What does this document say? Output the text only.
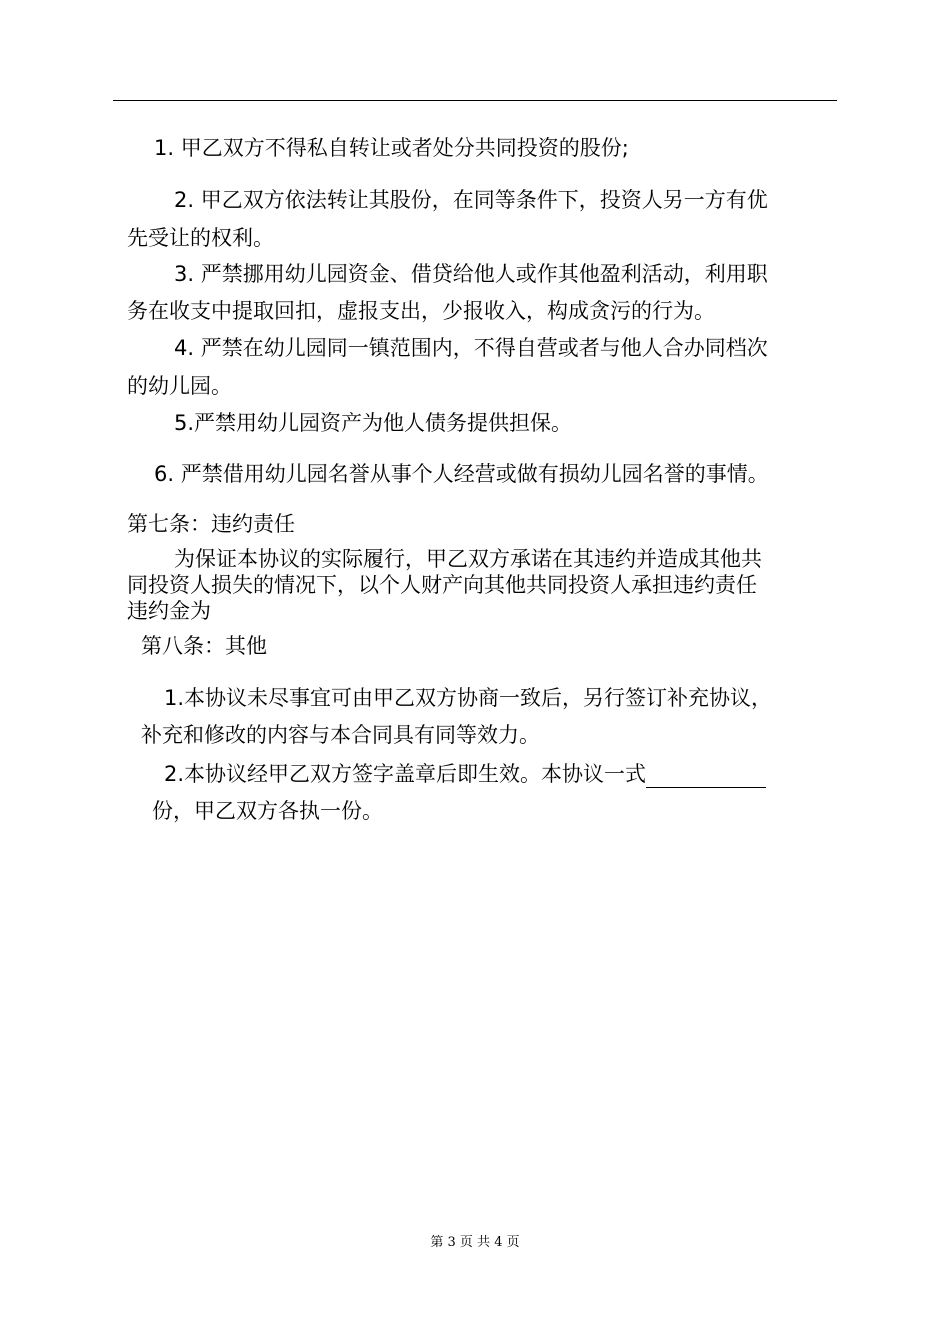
1. 甲乙双方不得私自转让或者处分共同投资的股份;
2. 甲乙双方依法转让其股份，在同等条件下，投资人另一方有优
先受让的权利。
3. 严禁挪用幼儿园资金、借贷给他人或作其他盈利活动，利用职
务在收支中提取回扣，虚报支出，少报收入，构成贪污的行为。
4. 严禁在幼儿园同一镇范围内，不得自营或者与他人合办同档次
的幼儿园。
5.严禁用幼儿园资产为他人债务提供担保。
6. 严禁借用幼儿园名誉从事个人经营或做有损幼儿园名誉的事情。
第七条：违约责任
为保证本协议的实际履行，甲乙双方承诺在其违约并造成其他共
同投资人损失的情况下，以个人财产向其他共同投资人承担违约责任
违约金为
第八条：其他
1.本协议未尽事宜可由甲乙双方协商一致后，另行签订补充协议，
补充和修改的内容与本合同具有同等效力。
2.本协议经甲乙双方签字盖章后即生效。本协议一式
份，甲乙双方各执一份。
第 3 页 共 4 页
